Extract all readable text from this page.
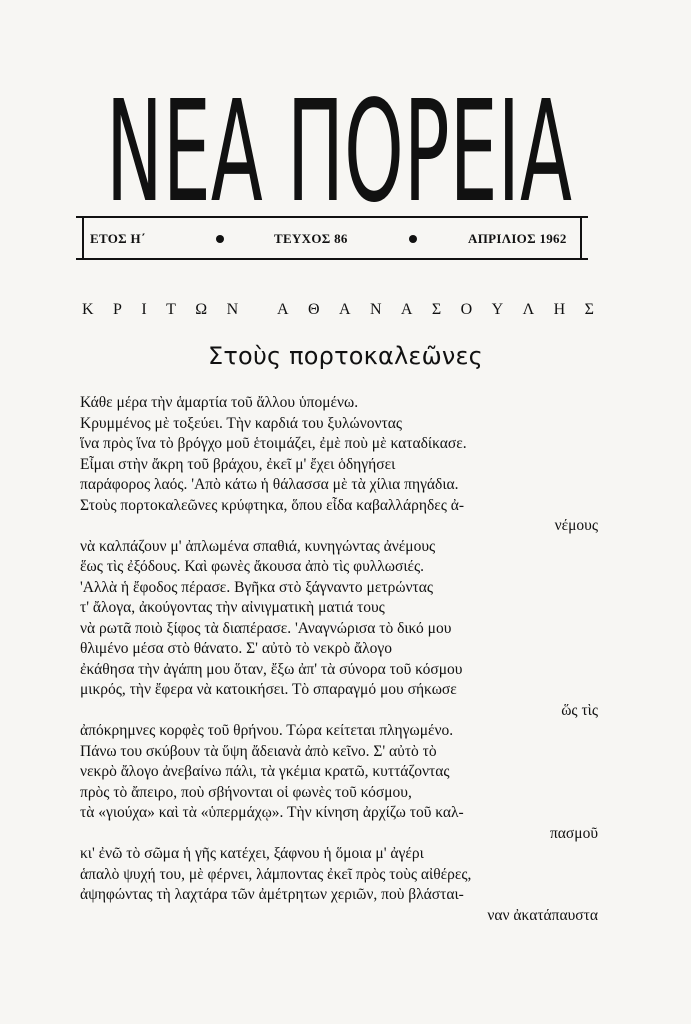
ΝΕΑ ΠΟΡΕΙΑ
ΕΤΟΣ Η΄	ΤΕΥΧΟΣ 86	ΑΠΡΙΛΙΟΣ 1962
Κ Ρ Ι Τ Ω Ν Α Θ Α Ν Α Σ Ο Υ Λ Η Σ
Στοὺς πορτοκαλεῶνες
Κάθε μέρα τὴν ἁμαρτία τοῦ ἄλλου ὑπομένω.
Κρυμμένος μὲ τοξεύει. Τὴν καρδιά του ξυλώνοντας
ἵνα πρὸς ἵνα τὸ βρόγχο μοῦ ἑτοιμάζει, ἐμὲ ποὺ μὲ καταδίκασε.
Εἶμαι στὴν ἄκρη τοῦ βράχου, ἐκεῖ μ' ἔχει ὁδηγήσει
παράφορος λαός. 'Απὸ κάτω ἡ θάλασσα μὲ τὰ χίλια πηγάδια.
Στοὺς πορτοκαλεῶνες κρύφτηκα, ὅπου εἶδα καβαλλάρηδες ἀ-
νέμους
νὰ καλπάζουν μ' ἀπλωμένα σπαθιά, κυνηγώντας ἀνέμους
ἕως τὶς ἐξόδους. Καὶ φωνὲς ἄκουσα ἀπὸ τὶς φυλλωσιές.
'Αλλὰ ἡ ἔφοδος πέρασε. Βγῆκα στὸ ξάγναντο μετρώντας
τ' ἄλογα, ἀκούγοντας τὴν αἰνιγματικὴ ματιά τους
νὰ ρωτᾶ ποιὸ ξίφος τὰ διαπέρασε. 'Αναγνώρισα τὸ δικό μου
θλιμένο μέσα στὸ θάνατο. Σ' αὐτὸ τὸ νεκρὸ ἄλογο
ἐκάθησα τὴν ἀγάπη μου ὅταν, ἔξω ἀπ' τὰ σύνορα τοῦ κόσμου
μικρός, τὴν ἔφερα νὰ κατοικήσει. Τὸ σπαραγμό μου σήκωσε
ὥς τὶς
ἀπόκρημνες κορφὲς τοῦ θρήνου. Τώρα κείτεται πληγωμένο.
Πάνω του σκύβουν τὰ ὕψη ἄδειανὰ ἀπὸ κεῖνο. Σ' αὐτὸ τὸ
νεκρὸ ἄλογο ἀνεβαίνω πάλι, τὰ γκέμια κρατῶ, κυττάζοντας
πρὸς τὸ ἄπειρο, ποὺ σβήνονται οἱ φωνὲς τοῦ κόσμου,
τὰ «γιούχα» καὶ τὰ «ὑπερμάχῳ». Τὴν κίνηση ἀρχίζω τοῦ καλ-
πασμοῦ
κι' ἐνῶ τὸ σῶμα ἡ γῆς κατέχει, ξάφνου ἡ ὅμοια μ' ἀγέρι
ἁπαλὸ ψυχή του, μὲ φέρνει, λάμποντας ἐκεῖ πρὸς τοὺς αἰθέρες,
ἀψηφώντας τὴ λαχτάρα τῶν ἀμέτρητων χεριῶν, ποὺ βλάσται-
ναν ἀκατάπαυστα
